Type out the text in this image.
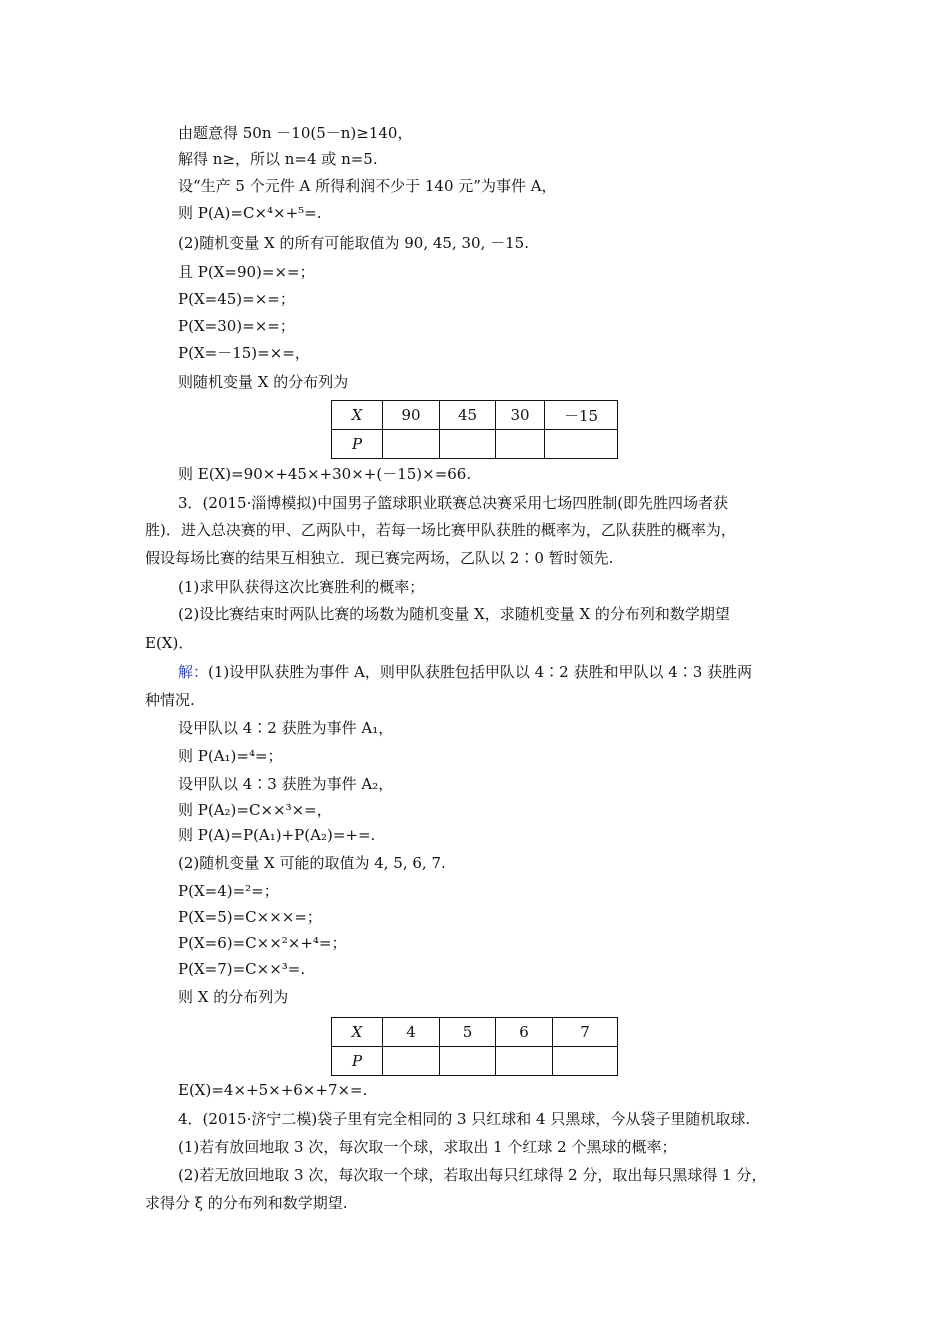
由题意得 50n －10(5－n)≥140，
解得 n≥，所以 n=4 或 n=5.
设“生产 5 个元件 A 所得利润不少于 140 元”为事件 A，
则 P(A)=C×⁴×+⁵=.
(2)随机变量 X 的所有可能取值为 90, 45, 30, －15.
且 P(X=90)=×=；
P(X=45)=×=；
P(X=30)=×=；
P(X=－15)=×=，
则随机变量 X 的分布列为
X	90	45	30	－15
P				
则 E(X)=90×+45×+30×+(－15)×=66.
3．(2015·淄博模拟)中国男子篮球职业联赛总决赛采用七场四胜制(即先胜四场者获
胜)．进入总决赛的甲、乙两队中，若每一场比赛甲队获胜的概率为，乙队获胜的概率为，
假设每场比赛的结果互相独立．现已赛完两场，乙队以 2∶0 暂时领先.
(1)求甲队获得这次比赛胜利的概率；
(2)设比赛结束时两队比赛的场数为随机变量 X，求随机变量 X 的分布列和数学期望
E(X)．
解：(1)设甲队获胜为事件 A，则甲队获胜包括甲队以 4∶2 获胜和甲队以 4∶3 获胜两
种情况.
设甲队以 4∶2 获胜为事件 A₁，
则 P(A₁)=⁴=；
设甲队以 4∶3 获胜为事件 A₂，
则 P(A₂)=C××³×=，
则 P(A)=P(A₁)+P(A₂)=+=.
(2)随机变量 X 可能的取值为 4, 5, 6, 7.
P(X=4)=²=；
P(X=5)=C×××=；
P(X=6)=C××²×+⁴=；
P(X=7)=C××³=.
则 X 的分布列为
X	4	5	6	7
P				
E(X)=4×+5×+6×+7×=.
4．(2015·济宁二模)袋子里有完全相同的 3 只红球和 4 只黑球，今从袋子里随机取球.
(1)若有放回地取 3 次，每次取一个球，求取出 1 个红球 2 个黑球的概率；
(2)若无放回地取 3 次，每次取一个球，若取出每只红球得 2 分，取出每只黑球得 1 分，
求得分 ξ 的分布列和数学期望.
